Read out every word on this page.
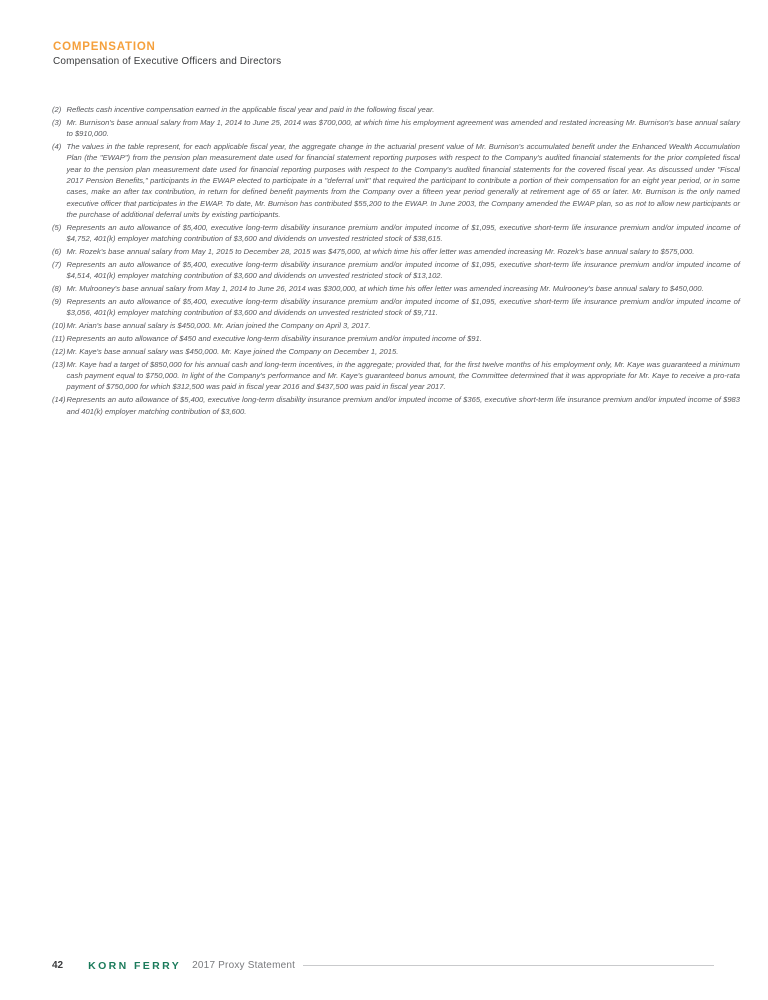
COMPENSATION
Compensation of Executive Officers and Directors
(2) Reflects cash incentive compensation earned in the applicable fiscal year and paid in the following fiscal year.
(3) Mr. Burnison's base annual salary from May 1, 2014 to June 25, 2014 was $700,000, at which time his employment agreement was amended and restated increasing Mr. Burnison's base annual salary to $910,000.
(4) The values in the table represent, for each applicable fiscal year, the aggregate change in the actuarial present value of Mr. Burnison's accumulated benefit under the Enhanced Wealth Accumulation Plan (the "EWAP") from the pension plan measurement date used for financial statement reporting purposes with respect to the Company's audited financial statements for the prior completed fiscal year to the pension plan measurement date used for financial reporting purposes with respect to the Company's audited financial statements for the covered fiscal year. As discussed under "Fiscal 2017 Pension Benefits," participants in the EWAP elected to participate in a "deferral unit" that required the participant to contribute a portion of their compensation for an eight year period, or in some cases, make an after tax contribution, in return for defined benefit payments from the Company over a fifteen year period generally at retirement age of 65 or later. Mr. Burnison is the only named executive officer that participates in the EWAP. To date, Mr. Burnison has contributed $55,200 to the EWAP. In June 2003, the Company amended the EWAP plan, so as not to allow new participants or the purchase of additional deferral units by existing participants.
(5) Represents an auto allowance of $5,400, executive long-term disability insurance premium and/or imputed income of $1,095, executive short-term life insurance premium and/or imputed income of $4,752, 401(k) employer matching contribution of $3,600 and dividends on unvested restricted stock of $38,615.
(6) Mr. Rozek's base annual salary from May 1, 2015 to December 28, 2015 was $475,000, at which time his offer letter was amended increasing Mr. Rozek's base annual salary to $575,000.
(7) Represents an auto allowance of $5,400, executive long-term disability insurance premium and/or imputed income of $1,095, executive short-term life insurance premium and/or imputed income of $4,514, 401(k) employer matching contribution of $3,600 and dividends on unvested restricted stock of $13,102.
(8) Mr. Mulrooney's base annual salary from May 1, 2014 to June 26, 2014 was $300,000, at which time his offer letter was amended increasing Mr. Mulrooney's base annual salary to $450,000.
(9) Represents an auto allowance of $5,400, executive long-term disability insurance premium and/or imputed income of $1,095, executive short-term life insurance premium and/or imputed income of $3,056, 401(k) employer matching contribution of $3,600 and dividends on unvested restricted stock of $9,711.
(10) Mr. Arian's base annual salary is $450,000. Mr. Arian joined the Company on April 3, 2017.
(11) Represents an auto allowance of $450 and executive long-term disability insurance premium and/or imputed income of $91.
(12) Mr. Kaye's base annual salary was $450,000. Mr. Kaye joined the Company on December 1, 2015.
(13) Mr. Kaye had a target of $850,000 for his annual cash and long-term incentives, in the aggregate; provided that, for the first twelve months of his employment only, Mr. Kaye was guaranteed a minimum cash payment equal to $750,000. In light of the Company's performance and Mr. Kaye's guaranteed bonus amount, the Committee determined that it was appropriate for Mr. Kaye to receive a pro-rata payment of $750,000 for which $312,500 was paid in fiscal year 2016 and $437,500 was paid in fiscal year 2017.
(14) Represents an auto allowance of $5,400, executive long-term disability insurance premium and/or imputed income of $365, executive short-term life insurance premium and/or imputed income of $983 and 401(k) employer matching contribution of $3,600.
42 KORN FERRY 2017 Proxy Statement
